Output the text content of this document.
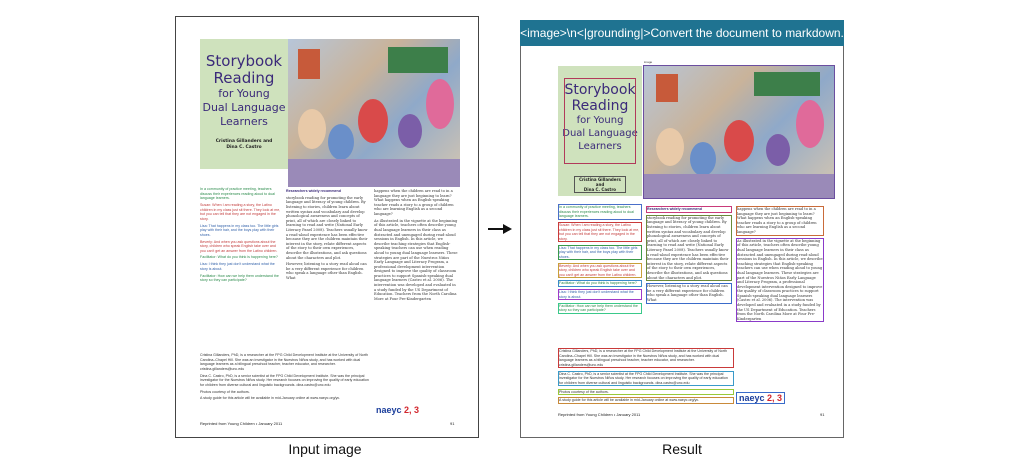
Storybook
Reading
for Young
Dual Language
Learners
Cristina Gillanders and
Dina C. Castro
In a community of practice meeting, teachers discuss their experiences reading aloud to dual language learners.
Susan: When I am reading a story, the Latino children in my class just sit there. They look at me, but you can tell that they are not engaged in the story.
Lisa: That happens in my class too. The little girls play with their hair, and the boys play with their shoes.
Beverly: And when you ask questions about the story, children who speak English take over and you can't get an answer from the Latino children.
Facilitator: What do you think is happening here?
Lisa: I think they just don't understand what the story is about.
Facilitator: How can we help them understand the story so they can participate?
Researchers widely recommend
storybook reading for promoting the early language and literacy of young children. By listening to stories, children learn about written syntax and vocabulary and develop phonological awareness and concepts of print, all of which are closely linked to learning to read and write (National Early Literacy Panel 2008). Teachers usually know a read-aloud experience has been effective because they are the children maintain their interest in the story, relate different aspects of the story to their own experiences, describe the illustrations, and ask questions about the characters and plot.
However, listening to a story read aloud can be a very different experience for children who speak a language other than English. What
happens when the children are read to in a language they are just beginning to learn? What happens when an English-speaking teacher reads a story to a group of children who are learning English as a second language?
As illustrated in the vignette at the beginning of this article, teachers often describe young dual language learners in their class as distracted and unengaged during read-aloud sessions in English. In this article, we describe teaching strategies that English-speaking teachers can use when reading aloud to young dual language learners. These strategies are part of the Nuestros Niños Early Language and Literacy Program, a professional development intervention designed to improve the quality of classroom practices to support Spanish-speaking dual language learners (Castro et al. 2006). The intervention was developed and evaluated in a study funded by the US Department of Education. Teachers from the North Carolina More at Four Pre-Kindergarten
Cristina Gillanders, PhD, is a researcher at the FPG Child Development Institute at the University of North Carolina–Chapel Hill. She was an investigator in the Nuestros Niños study, and has worked with dual language learners as a bilingual preschool teacher, teacher educator, and researcher. cristina.gillanders@unc.edu
Dina C. Castro, PhD, is a senior scientist at the FPG Child Development Institute. She was the principal investigator for the Nuestros Niños study. Her research focuses on improving the quality of early education for children from diverse cultural and linguistic backgrounds. dina.castro@unc.edu
Photos courtesy of the authors.
A study guide for this article will be available in mid-January online at www.naeyc.org/yc.
naeyc 2, 3
Reprinted from Young Children • January 2011	91
Input image
<image>\n<|grounding|>Convert the document to markdown.
image
Storybook
Reading
for Young
Dual Language
Learners
Cristina Gillanders and
Dina C. Castro
In a community of practice meeting, teachers discuss their experiences reading aloud to dual language learners.
Susan: When I am reading a story, the Latino children in my class just sit there. They look at me, but you can tell that they are not engaged in the story.
Lisa: That happens in my class too. The little girls play with their hair, and the boys play with their shoes.
Beverly: And when you ask questions about the story, children who speak English take over and you can't get an answer from the Latino children.
Facilitator: What do you think is happening here?
Lisa: I think they just don't understand what the story is about.
Facilitator: How can we help them understand the story so they can participate?
Researchers widely recommend
storybook reading for promoting the early language and literacy of young children. By listening to stories, children learn about written syntax and vocabulary and develop phonological awareness and concepts of print, all of which are closely linked to learning to read and write (National Early Literacy Panel 2008). Teachers usually know a read-aloud experience has been effective because they are the children maintain their interest in the story, relate different aspects of the story to their own experiences, describe the illustrations, and ask questions about the characters and plot.
However, listening to a story read aloud can be a very different experience for children who speak a language other than English. What
happens when the children are read to in a language they are just beginning to learn? What happens when an English-speaking teacher reads a story to a group of children who are learning English as a second language?
As illustrated in the vignette at the beginning of this article, teachers often describe young dual language learners in their class as distracted and unengaged during read-aloud sessions in English. In this article, we describe teaching strategies that English-speaking teachers can use when reading aloud to young dual language learners. These strategies are part of the Nuestros Niños Early Language and Literacy Program, a professional development intervention designed to improve the quality of classroom practices to support Spanish-speaking dual language learners (Castro et al. 2006). The intervention was developed and evaluated in a study funded by the US Department of Education. Teachers from the North Carolina More at Four Pre-Kindergarten
Cristina Gillanders, PhD, is a researcher at the FPG Child Development Institute at the University of North Carolina–Chapel Hill. She was an investigator in the Nuestros Niños study, and has worked with dual language learners as a bilingual preschool teacher, teacher educator, and researcher. cristina.gillanders@unc.edu
Dina C. Castro, PhD, is a senior scientist at the FPG Child Development Institute. She was the principal investigator for the Nuestros Niños study. Her research focuses on improving the quality of early education for children from diverse cultural and linguistic backgrounds. dina.castro@unc.edu
Photos courtesy of the authors.
A study guide for this article will be available in mid-January online at www.naeyc.org/yc.	naeyc 2, 3
Reprinted from Young Children • January 2011	91
Result
